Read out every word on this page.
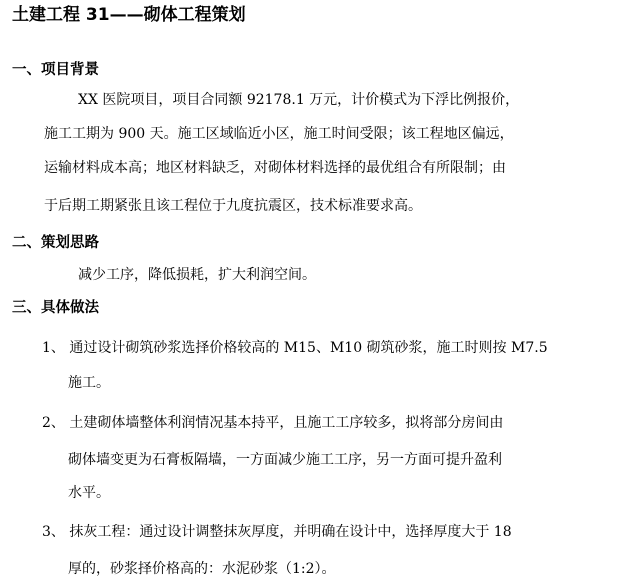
土建工程 31——砌体工程策划
一、项目背景
XX 医院项目，项目合同额 92178.1 万元，计价模式为下浮比例报价，
施工工期为 900 天。施工区域临近小区，施工时间受限；该工程地区偏远，
运输材料成本高；地区材料缺乏，对砌体材料选择的最优组合有所限制；由
于后期工期紧张且该工程位于九度抗震区，技术标准要求高。
二、策划思路
减少工序，降低损耗，扩大利润空间。
三、具体做法
1、 通过设计砌筑砂浆选择价格较高的 M15、M10 砌筑砂浆，施工时则按 M7.5
施工。
2、 土建砌体墙整体利润情况基本持平，且施工工序较多，拟将部分房间由
砌体墙变更为石膏板隔墙，一方面减少施工工序，另一方面可提升盈利
水平。
3、 抹灰工程：通过设计调整抹灰厚度，并明确在设计中，选择厚度大于 18
厚的，砂浆择价格高的：水泥砂浆（1:2）。
